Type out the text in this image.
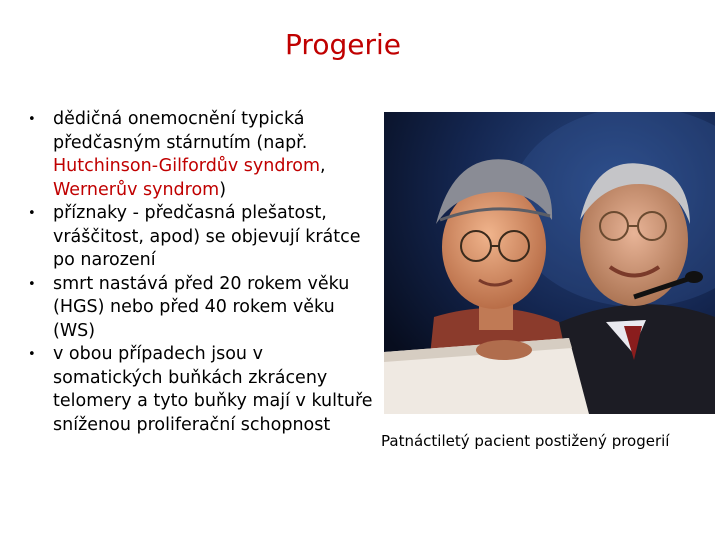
Progerie
• dědičná onemocnění typická předčasným stárnutím (např. Hutchinson-Gilfordův syndrom, Wernerův syndrom)
• příznaky - předčasná plešatost, vráščitost, apod) se objevují krátce po narození
• smrt nastává před 20 rokem věku (HGS) nebo před 40 rokem věku (WS)
• v obou případech jsou v somatických buňkách zkráceny telomery a tyto buňky mají v kultuře sníženou proliferační schopnost
Patnáctiletý pacient postižený progerií
